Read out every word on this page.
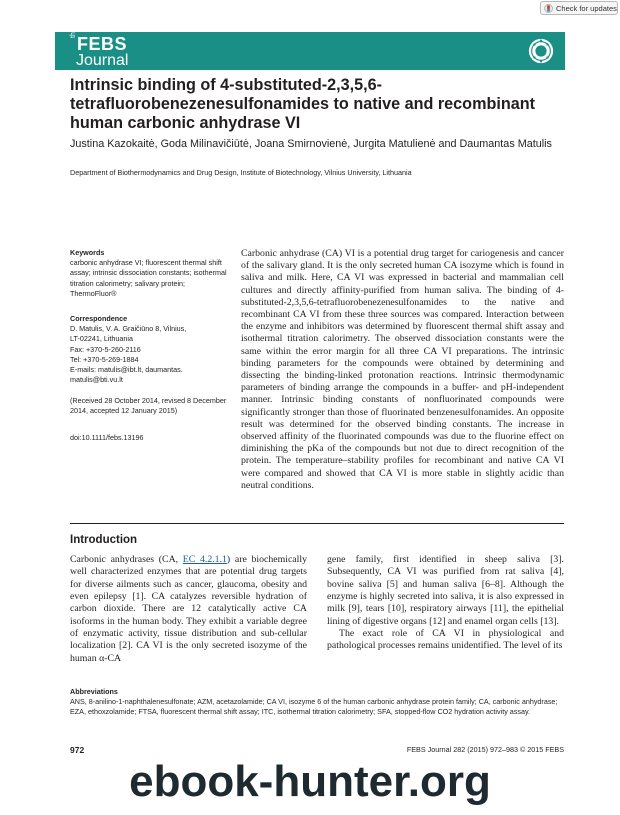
Check for updates
the
FEBS
Journal
Intrinsic binding of 4-substituted-2,3,5,6-tetrafluorobenezenesulfonamides to native and recombinant human carbonic anhydrase VI
Justina Kazokaitė, Goda Milinavičiūtė, Joana Smirnovienė, Jurgita Matulienė and Daumantas Matulis
Department of Biothermodynamics and Drug Design, Institute of Biotechnology, Vilnius University, Lithuania
Keywords
carbonic anhydrase VI; fluorescent thermal shift assay; intrinsic dissociation constants; isothermal titration calorimetry; salivary protein; ThermoFluor®
Correspondence
D. Matulis, V. A. Graičiūno 8, Vilnius,
LT-02241, Lithuania
Fax: +370-5-260-2116
Tel: +370-5-269-1884
E-mails: matulis@ibt.lt, daumantas.
matulis@bti.vu.lt
(Received 28 October 2014, revised 8 December 2014, accepted 12 January 2015)
doi:10.1111/febs.13196
Carbonic anhydrase (CA) VI is a potential drug target for cariogenesis and cancer of the salivary gland. It is the only secreted human CA isozyme which is found in saliva and milk. Here, CA VI was expressed in bacterial and mammalian cell cultures and directly affinity-purified from human saliva. The binding of 4-substituted-2,3,5,6-tetrafluorobenezenesulfonamides to the native and recombinant CA VI from these three sources was compared. Interaction between the enzyme and inhibitors was determined by fluorescent thermal shift assay and isothermal titration calorimetry. The observed dissociation constants were the same within the error margin for all three CA VI preparations. The intrinsic binding parameters for the compounds were obtained by determining and dissecting the binding-linked protonation reactions. Intrinsic thermodynamic parameters of binding arrange the compounds in a buffer- and pH-independent manner. Intrinsic binding constants of nonfluorinated compounds were significantly stronger than those of fluorinated benzenesulfonamides. An opposite result was determined for the observed binding constants. The increase in observed affinity of the fluorinated compounds was due to the fluorine effect on diminishing the pKa of the compounds but not due to direct recognition of the protein. The temperature–stability profiles for recombinant and native CA VI were compared and showed that CA VI is more stable in slightly acidic than neutral conditions.
Introduction

Carbonic anhydrases (CA, EC 4.2.1.1) are biochemically well characterized enzymes that are potential drug targets for diverse ailments such as cancer, glaucoma, obesity and even epilepsy [1]. CA catalyzes reversible hydration of carbon dioxide. There are 12 catalytically active CA isoforms in the human body. They exhibit a variable degree of enzymatic activity, tissue distribution and sub-cellular localization [2]. CA VI is the only secreted isozyme of the human α-CA

gene family, first identified in sheep saliva [3]. Subsequently, CA VI was purified from rat saliva [4], bovine saliva [5] and human saliva [6–8]. Although the enzyme is highly secreted into saliva, it is also expressed in milk [9], tears [10], respiratory airways [11], the epithelial lining of digestive organs [12] and enamel organ cells [13].

The exact role of CA VI in physiological and pathological processes remains unidentified. The level of its

Abbreviations
ANS, 8-anilino-1-naphthalenesulfonate; AZM, acetazolamide; CA VI, isozyme 6 of the human carbonic anhydrase protein family; CA, carbonic anhydrase; EZA, ethoxzolamide; FTSA, fluorescent thermal shift assay; ITC, isothermal titration calorimetry; SFA, stopped-flow CO2 hydration activity assay.
972	FEBS Journal 282 (2015) 972–983 © 2015 FEBS
ebook-hunter.org
